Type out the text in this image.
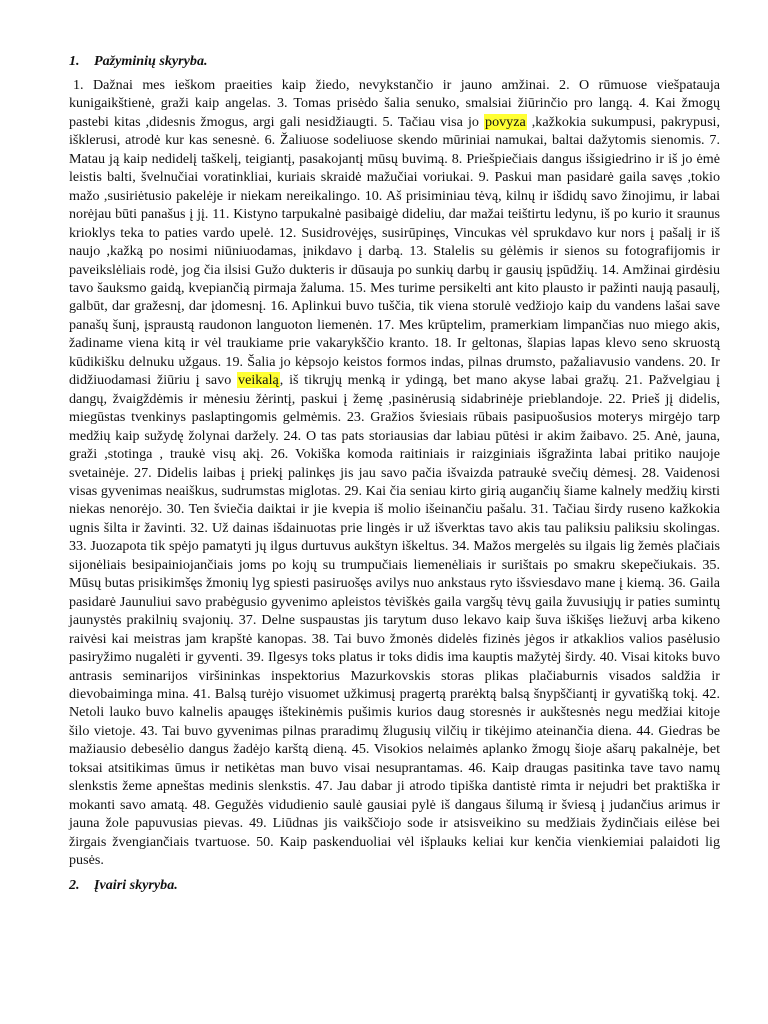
1. Pažyminių skyryba.

1. Dažnai mes ieškom praeities kaip žiedo, nevykstančio ir jauno amžinai. 2. O rūmuose viešpatauja kunigaikštienė, graži kaip angelas. 3. Tomas prisėdo šalia senuko, smalsiai žiūrinčio pro langą. 4. Kai žmogų pastebi kitas ,didesnis žmogus, argi gali nesidžiaugti. 5. Tačiau visa jo povyza ,kažkokia sukumpusi, pakrypusi, išklerusi, atrodė kur kas senesnė. 6. Žaliuose sodeliuose skendo mūriniai namukai, baltai dažytomis sienomis. 7. Matau ją kaip nedidelį taškelį, teigiantį, pasakojantį mūsų buvimą. 8. Priešpiečiais dangus išsigiedrino ir iš jo ėmė leistis balti, švelnučiai voratinkliai, kuriais skraidė mažučiai voriukai. 9. Paskui man pasidarė gaila savęs ,tokio mažo ,susiriėtusio pakelėje ir niekam nereikalingo. 10. Aš prisiminiau tėvą, kilnų ir išdidų savo žinojimu, ir labai norėjau būti panašus į jį. 11. Kistyno tarpukalnė pasibaigė dideliu, dar mažai teištirtu ledynu, iš po kurio it sraunus krioklys teka to paties vardo upelė. 12. Susidrovėjęs, susirūpinęs, Vincukas vėl sprukdavo kur nors į pašalį ir iš naujo ,kažką po nosimi niūniuodamas, įnikdavo į darbą. 13. Stalelis su gėlėmis ir sienos su fotografijomis ir paveikslėliais rodė, jog čia ilsisi Gužo dukteris ir dūsauja po sunkių darbų ir gausių įspūdžių. 14. Amžinai girdėsiu tavo šauksmo gaidą, kvepiančią pirmaja žaluma. 15. Mes turime persikelti ant kito plausto ir pažinti naują pasaulį, galbūt, dar gražesnį, dar įdomesnį. 16. Aplinkui buvo tuščia, tik viena storulė vedžiojo kaip du vandens lašai save panašų šunį, įspraustą raudonon languoton liemenėn. 17. Mes krūptelim, pramerkiam limpančias nuo miego akis, žadiname viena kitą ir vėl traukiame prie vakarykščio kranto. 18. Ir geltonas, šlapias lapas klevo seno skruostą kūdikišku delnuku užgaus. 19. Šalia jo kėpsojo keistos formos indas, pilnas drumsto, pažaliavusio vandens. 20. Ir didžiuodamasi žiūriu į savo veikalą, iš tikrųjų menką ir ydingą, bet mano akyse labai gražų. 21. Pažvelgiau į dangų, žvaigždėmis ir mėnesiu žėrintį, paskui į žemę ,pasinėrusią sidabrinėje prieblandoje. 22. Prieš jį didelis, miegūstas tvenkinys paslaptingomis gelmėmis. 23. Gražios šviesiais rūbais pasipuošusios moterys mirgėjo tarp medžių kaip sužydę žolynai daržely. 24. O tas pats storiausias dar labiau pūtėsi ir akim žaibavo. 25. Anė, jauna, graži ,stotinga , traukė visų akį. 26. Vokiška komoda raitiniais ir raizginiais išgražinta labai pritiko naujoje svetainėje. 27. Didelis laibas į priekį palinkęs jis jau savo pačia išvaizda patraukė svečių dėmesį. 28. Vaidenosi visas gyvenimas neaiškus, sudrumstas miglotas. 29. Kai čia seniau kirto girią augančių šiame kalnely medžių kirsti niekas nenorėjo. 30. Ten šviečia daiktai ir jie kvepia iš molio išeinančiu pašalu. 31. Tačiau širdy ruseno kažkokia ugnis šilta ir žavinti. 32. Už dainas išdainuotas prie lingės ir už išverktas tavo akis tau paliksiu paliksiu skolingas. 33. Juozapota tik spėjo pamatyti jų ilgus durtuvus aukštyn iškeltus. 34. Mažos mergelės su ilgais lig žemės plačiais sijonėliais besipainiojančiais joms po kojų su trumpučiais liemenėliais ir surištais po smakru skepečiukais. 35. Mūsų butas prisikimšęs žmonių lyg spiesti pasiruošęs avilys nuo ankstaus ryto išsviesdavo mane į kiemą. 36. Gaila pasidarė Jaunuliui savo prabėgusio gyvenimo apleistos tėviškės gaila vargšų tėvų gaila žuvusiųjų ir paties sumintų jaunystės prakilnių svajonių. 37. Delne suspaustas jis tarytum duso lekavo kaip šuva iškišęs liežuvį arba kikeno raivėsi kai meistras jam krapštė kanopas. 38. Tai buvo žmonės didelės fizinės jėgos ir atkaklios valios pasėlusio pasiryžimo nugalėti ir gyventi. 39. Ilgesys toks platus ir toks didis ima kauptis mažytėj širdy. 40. Visai kitoks buvo antrasis seminarijos viršininkas inspektorius Mazurkovskis storas plikas plačiaburnis visados saldžia ir dievobaiminga mina. 41. Balsą turėjo visuomet užkimusį pragertą prarėktą balsą šnypščiantį ir gyvatišką tokį. 42. Netoli lauko buvo kalnelis apaugęs ištekinėmis pušimis kurios daug storesnės ir aukštesnės negu medžiai kitoje šilo vietoje. 43. Tai buvo gyvenimas pilnas praradimų žlugusių vilčių ir tikėjimo ateinančia diena. 44. Giedras be mažiausio debesėlio dangus žadėjo karštą dieną. 45. Visokios nelaimės aplanko žmogų šioje ašarų pakalnėje, bet toksai atsitikimas ūmus ir netikėtas man buvo visai nesuprantamas. 46. Kaip draugas pasitinka tave tavo namų slenkstis žeme apneštas medinis slenkstis. 47. Jau dabar ji atrodo tipiška dantistė rimta ir nejudri bet praktiška ir mokanti savo amatą. 48. Gegužės vidudienio saulė gausiai pylė iš dangaus šilumą ir šviesą į judančius arimus ir jauna žole papuvusias pievas. 49. Liūdnas jis vaikščiojo sode ir atsisveikino su medžiais žydinčiais eilėse bei žirgais žvengiančiais tvartuose. 50. Kaip paskenduoliai vėl išplauks keliai kur kenčia vienkiemiai palaidoti lig pusės.

2. Įvairi skyryba.
